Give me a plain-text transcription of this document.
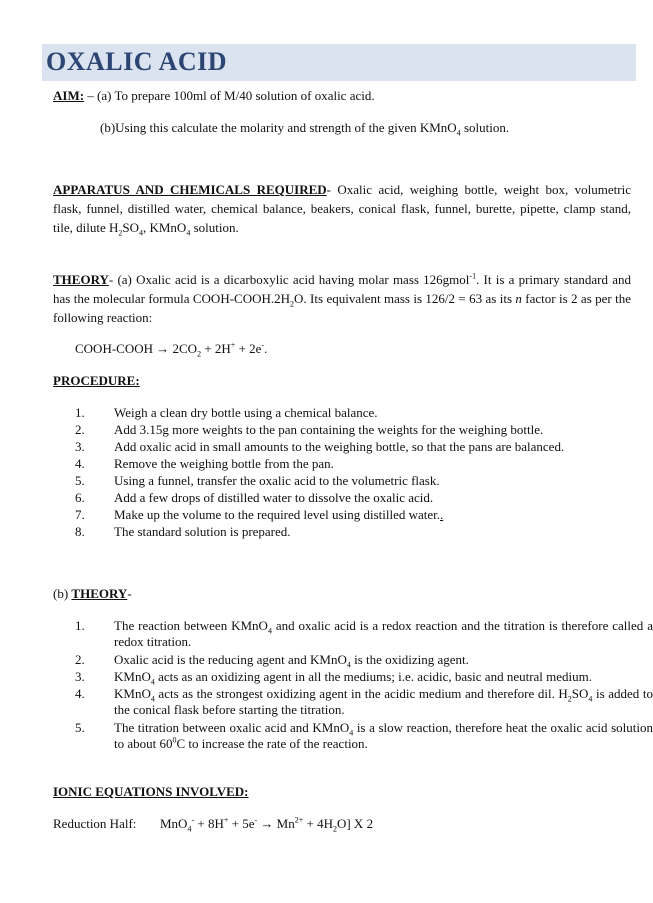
OXALIC ACID
AIM: – (a) To prepare 100ml of M/40 solution of oxalic acid.
(b)Using this calculate the molarity and strength of the given KMnO$_4$ solution.
APPARATUS AND CHEMICALS REQUIRED- Oxalic acid, weighing bottle, weight box, volumetric flask, funnel, distilled water, chemical balance, beakers, conical flask, funnel, burette, pipette, clamp stand, tile, dilute $H_2SO_4$, KMnO$_4$ solution.
THEORY- (a) Oxalic acid is a dicarboxylic acid having molar mass 126gmol$^{-1}$. It is a primary standard and has the molecular formula COOH-$COOH.2H_2O$. Its equivalent mass is 126/2 = 63 as its n factor is 2 as per the following reaction:
COOH-COOH → $2CO_2 + 2H^+ + 2e^-$.
PROCEDURE:
1.	Weigh a clean dry bottle using a chemical balance.
2.	Add 3.15g more weights to the pan containing the weights for the weighing bottle.
3.	Add oxalic acid in small amounts to the weighing bottle, so that the pans are balanced.
4.	Remove the weighing bottle from the pan.
5.	Using a funnel, transfer the oxalic acid to the volumetric flask.
6.	Add a few drops of distilled water to dissolve the oxalic acid.
7.	Make up the volume to the required level using distilled water..
8.	The standard solution is prepared.
(b) THEORY-
1.	The reaction between KMnO$_4$ and oxalic acid is a redox reaction and the titration is therefore called a redox titration.
2.	Oxalic acid is the reducing agent and KMnO$_4$ is the oxidizing agent.
3.	KMnO$_4$ acts as an oxidizing agent in all the mediums; i.e. acidic, basic and neutral medium.
4.	KMnO$_4$ acts as the strongest oxidizing agent in the acidic medium and therefore dil. $H_2SO_4$ is added to the conical flask before starting the titration.
5.	The titration between oxalic acid and KMnO$_4$ is a slow reaction, therefore heat the oxalic acid solution to about $60^0C$ to increase the rate of the reaction.
IONIC EQUATIONS INVOLVED:
Reduction Half: $MnO_4^- + 8H^+ + 5e^- \to Mn^{2+} + 4H_2O$] X 2
